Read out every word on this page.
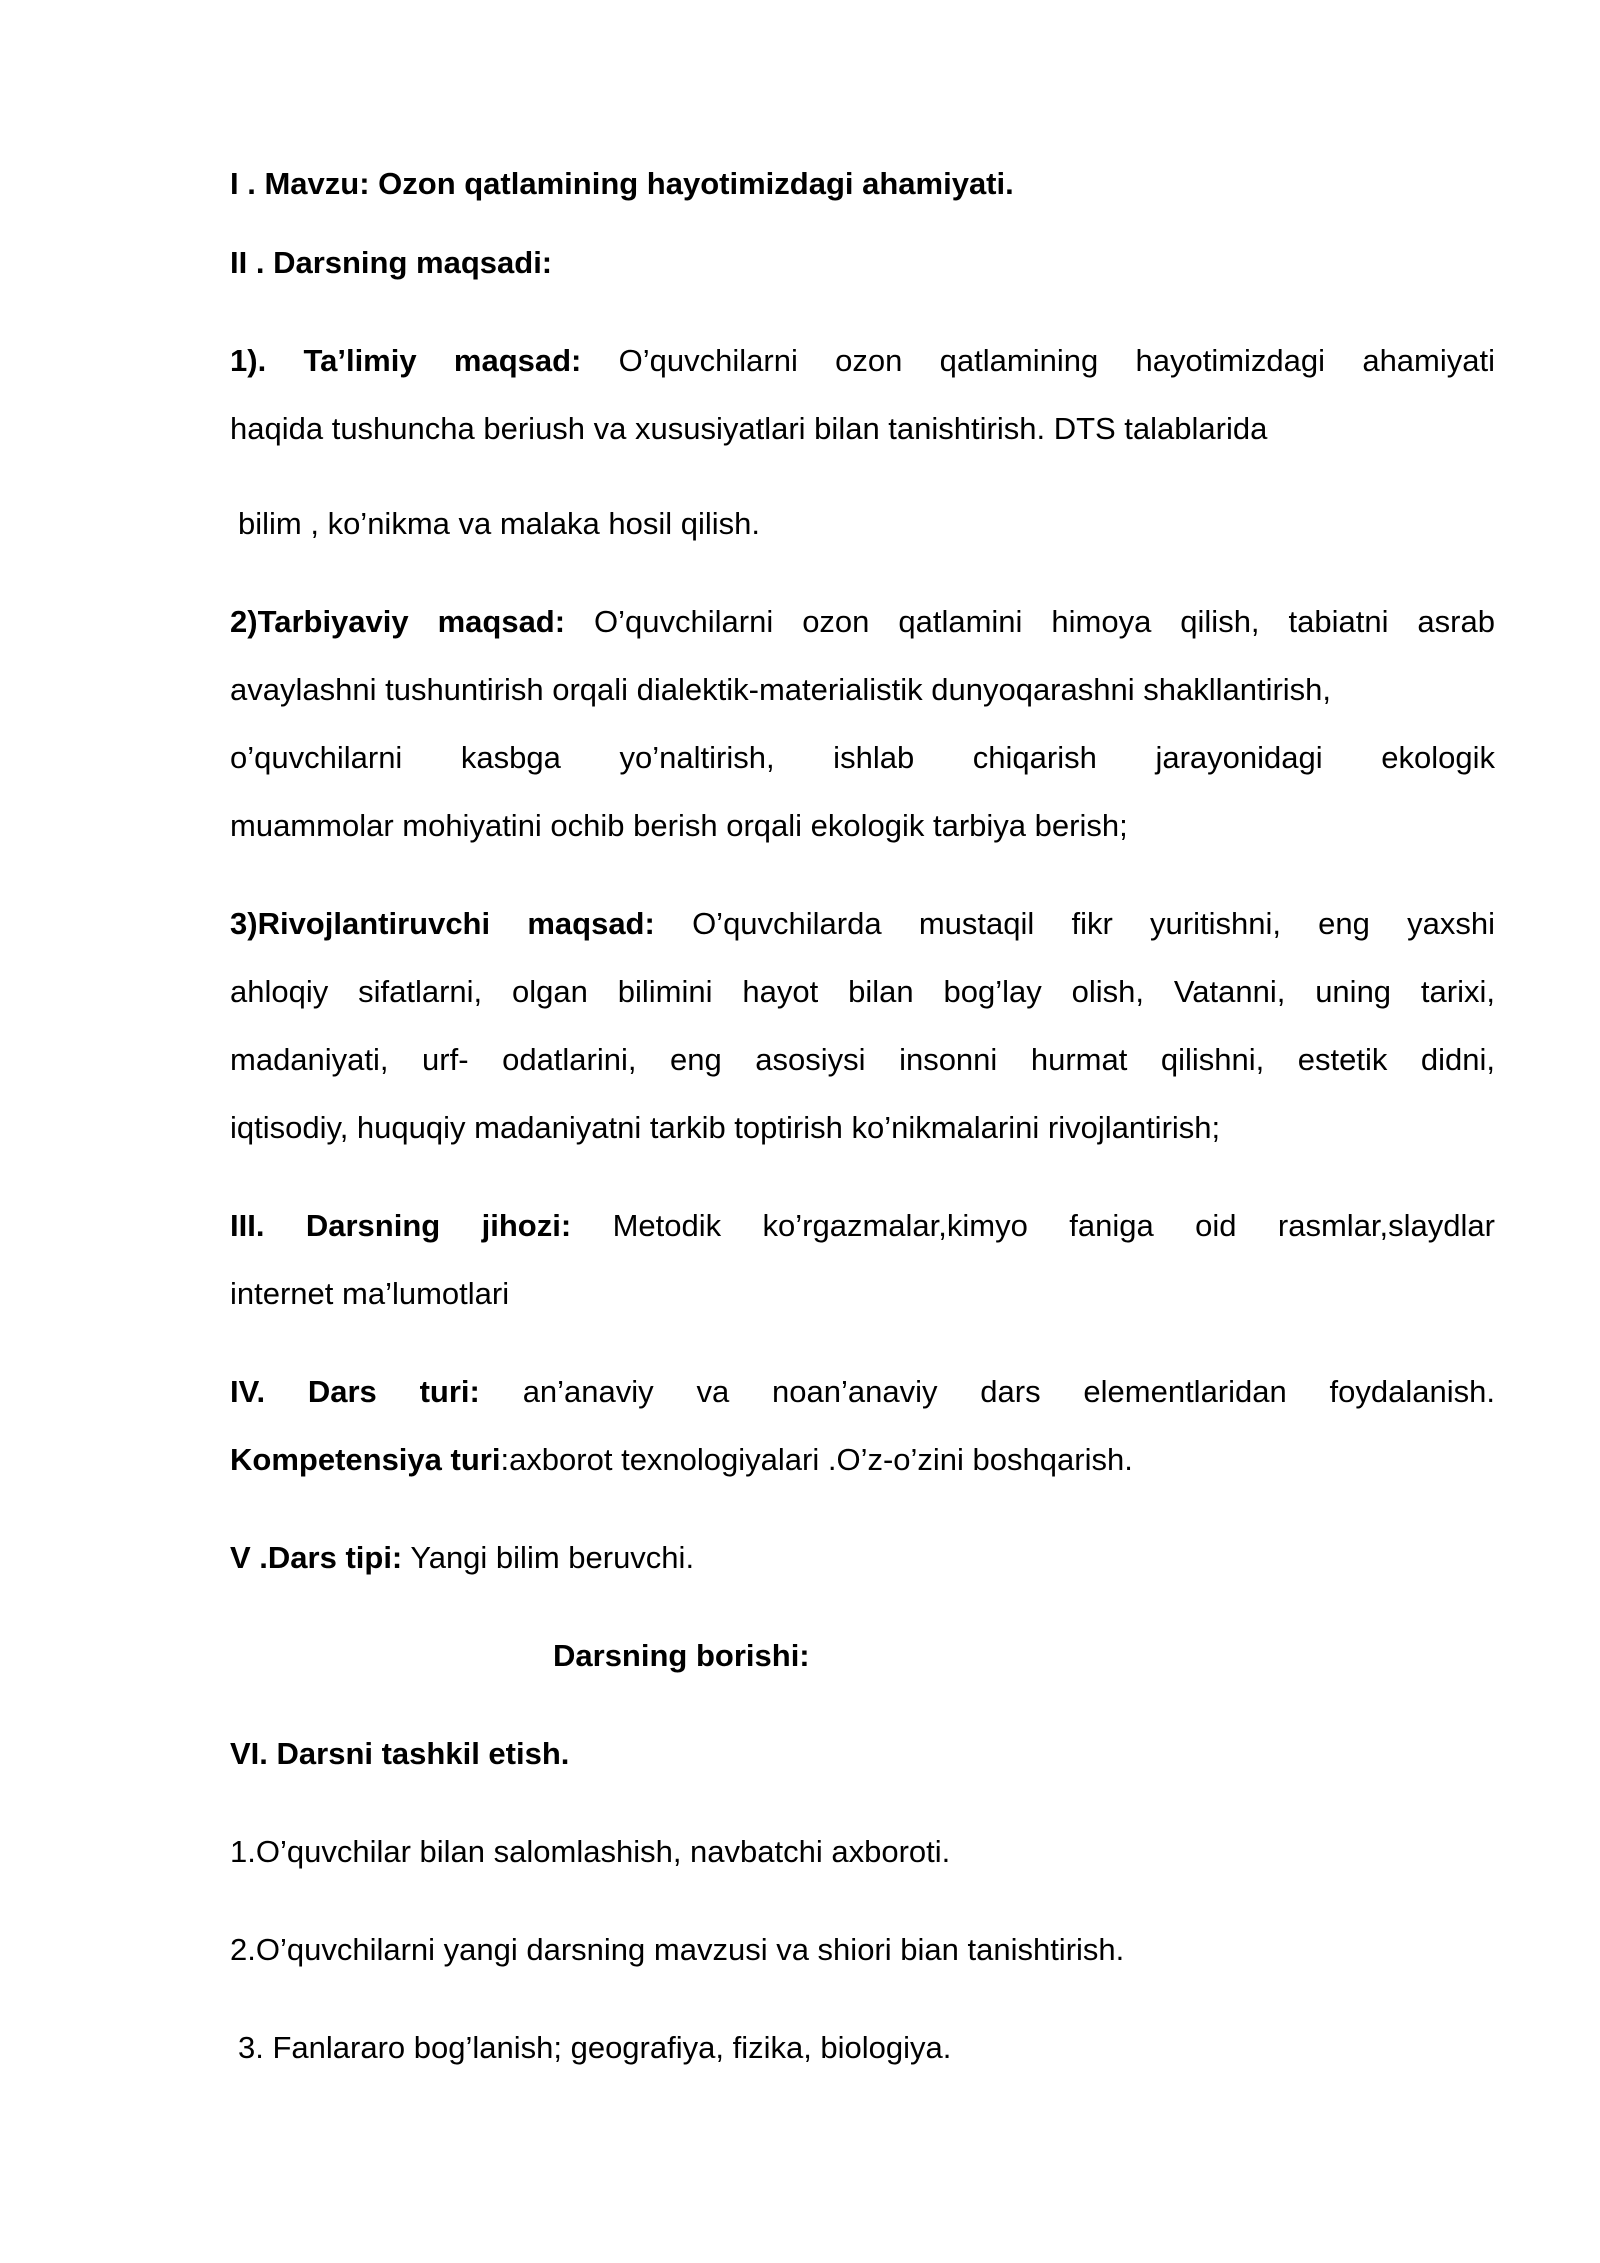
I . Mavzu: Ozon qatlamining hayotimizdagi ahamiyati.

II . Darsning maqsadi:

1). Ta’limiy maqsad: O’quvchilarni ozon qatlamining hayotimizdagi ahamiyati

haqida tushuncha beriush va xususiyatlari bilan tanishtirish. DTS talablarida

bilim , ko’nikma va malaka hosil qilish.

2)Tarbiyaviy maqsad: O’quvchilarni ozon qatlamini himoya qilish, tabiatni asrab

avaylashni tushuntirish orqali dialektik-materialistik dunyoqarashni shakllantirish,

o’quvchilarni kasbga yo’naltirish, ishlab chiqarish jarayonidagi ekologik

muammolar mohiyatini ochib berish orqali ekologik tarbiya berish;

3)Rivojlantiruvchi maqsad: O’quvchilarda mustaqil fikr yuritishni, eng yaxshi

ahloqiy sifatlarni, olgan bilimini hayot bilan bog’lay olish, Vatanni, uning tarixi,

madaniyati, urf- odatlarini, eng asosiysi insonni hurmat qilishni, estetik didni,

iqtisodiy, huquqiy madaniyatni tarkib toptirish ko’nikmalarini rivojlantirish;

III. Darsning jihozi: Metodik ko’rgazmalar,kimyo faniga oid rasmlar,slaydlar

internet ma’lumotlari

IV. Dars turi: an’anaviy va noan’anaviy dars elementlaridan foydalanish.

Kompetensiya turi:axborot texnologiyalari .O’z-o’zini boshqarish.

V .Dars tipi: Yangi bilim beruvchi.

Darsning borishi:

VI. Darsni tashkil etish.

1.O’quvchilar bilan salomlashish, navbatchi axboroti.

2.O’quvchilarni yangi darsning mavzusi va shiori bian tanishtirish.

3. Fanlararo bog’lanish; geografiya, fizika, biologiya.
